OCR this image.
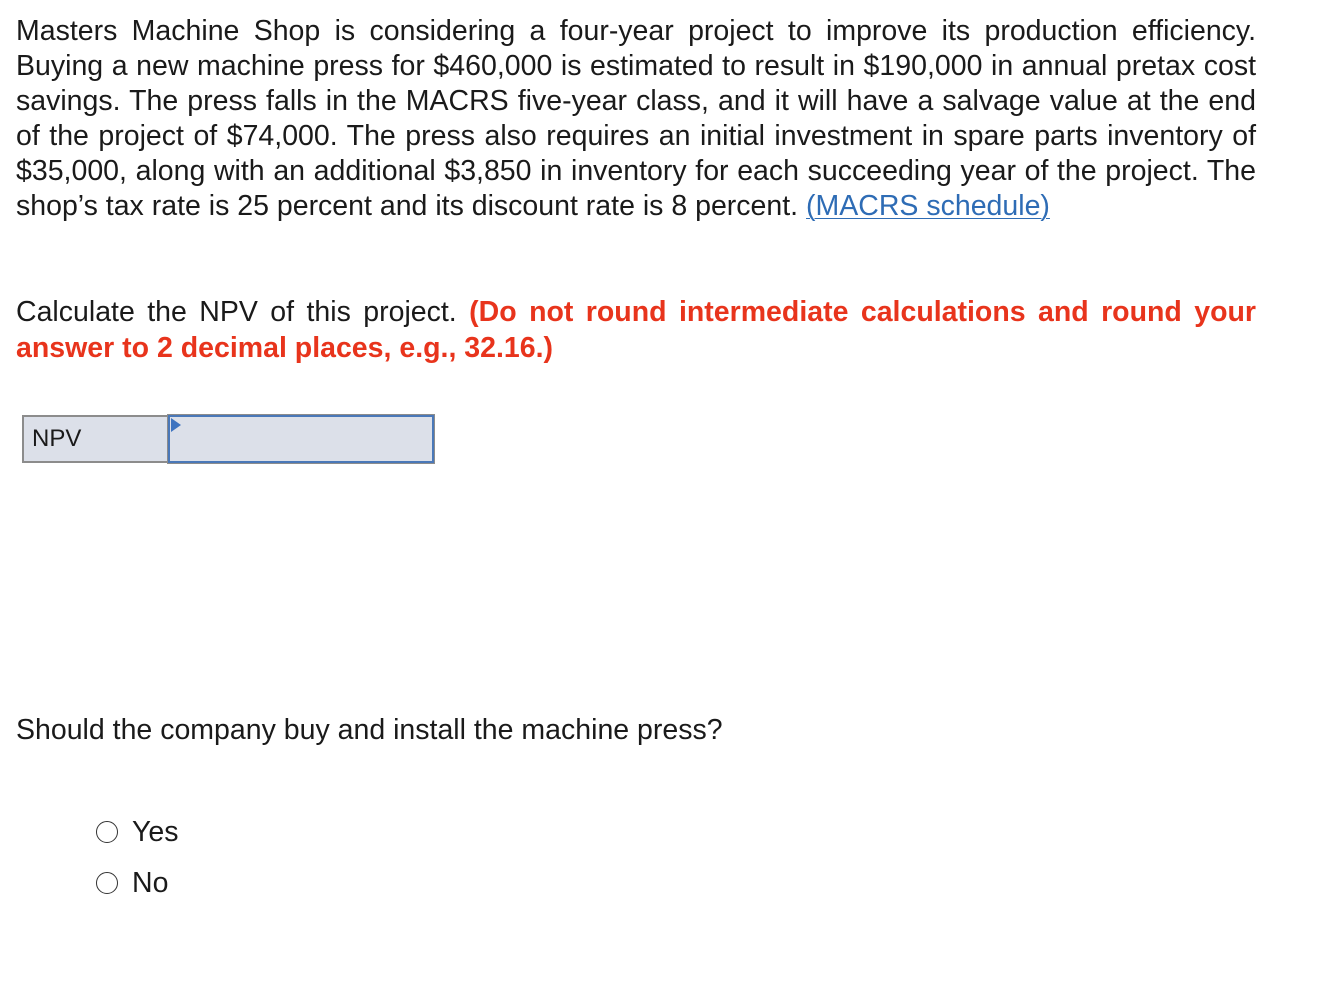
Masters Machine Shop is considering a four-year project to improve its production efficiency. Buying a new machine press for $460,000 is estimated to result in $190,000 in annual pretax cost savings. The press falls in the MACRS five-year class, and it will have a salvage value at the end of the project of $74,000. The press also requires an initial investment in spare parts inventory of $35,000, along with an additional $3,850 in inventory for each succeeding year of the project. The shop’s tax rate is 25 percent and its discount rate is 8 percent. (MACRS schedule)

Calculate the NPV of this project. (Do not round intermediate calculations and round your answer to 2 decimal places, e.g., 32.16.)

NPV

Should the company buy and install the machine press?

Yes
No
